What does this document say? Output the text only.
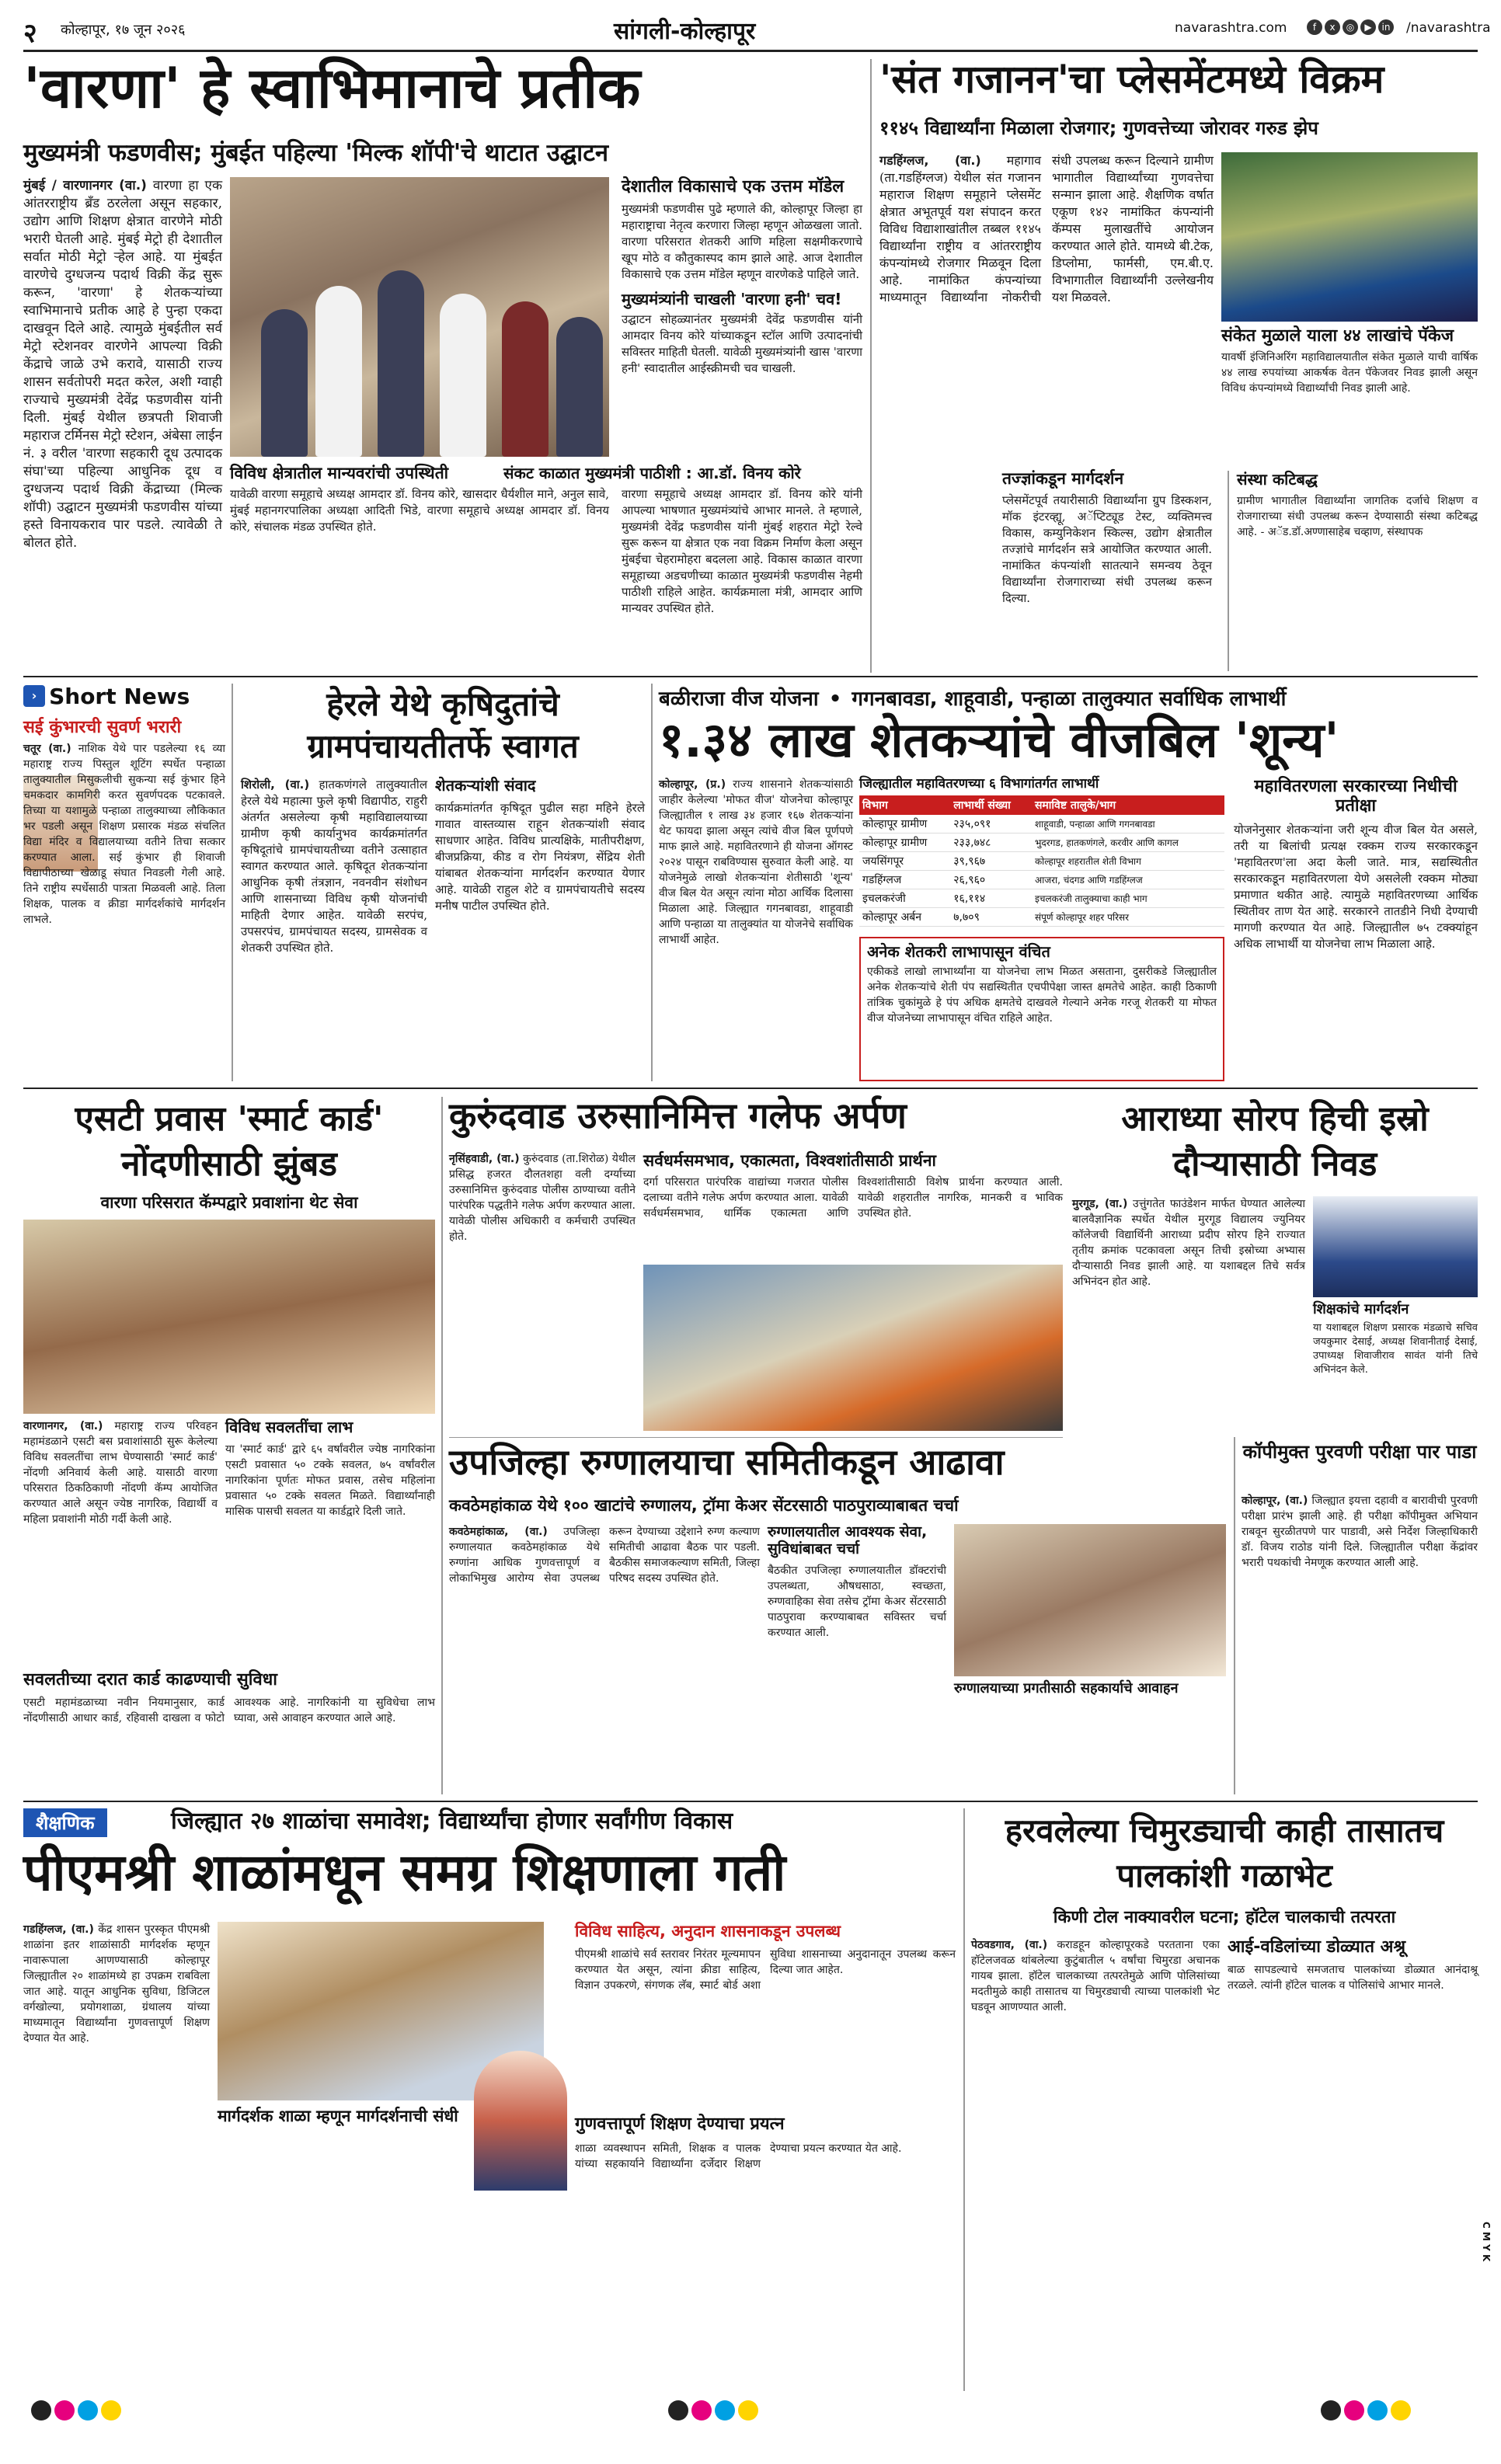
२ कोल्हापूर, १७ जून २०२६	सांगली-कोल्हापूर	navarashtra.com	f x ◎ ▶ in	/navarashtra
'वारणा' हे स्वाभिमानाचे प्रतीक
मुख्यमंत्री फडणवीस; मुंबईत पहिल्या 'मिल्क शॉपी'चे थाटात उद्घाटन
मुंबई / वारणानगर (वा.) वारणा हा एक आंतरराष्ट्रीय ब्रँड ठरलेला असून सहकार, उद्योग आणि शिक्षण क्षेत्रात वारणेने मोठी भरारी घेतली आहे. मुंबई मेट्रो ही देशातील सर्वात मोठी मेट्रो ऱ्हेल आहे. या मुंबईत वारणेचे दुग्धजन्य पदार्थ विक्री केंद्र सुरू करून, 'वारणा' हे शेतकऱ्यांच्या स्वाभिमानाचे प्रतीक आहे हे पुन्हा एकदा दाखवून दिले आहे. त्यामुळे मुंबईतील सर्व मेट्रो स्टेशनवर वारणेने आपल्या विक्री केंद्राचे जाळे उभे करावे, यासाठी राज्य शासन सर्वतोपरी मदत करेल, अशी ग्वाही राज्याचे मुख्यमंत्री देवेंद्र फडणवीस यांनी दिली. मुंबई येथील छत्रपती शिवाजी महाराज टर्मिनस मेट्रो स्टेशन, अंबेसा लाईन नं. ३ वरील 'वारणा सहकारी दूध उत्पादक संघा'च्या पहिल्या आधुनिक दूध व दुग्धजन्य पदार्थ विक्री केंद्राच्या (मिल्क शॉपी) उद्घाटन मुख्यमंत्री फडणवीस यांच्या हस्ते विनायकराव पार पडले. त्यावेळी ते बोलत होते.
विविध क्षेत्रातील मान्यवरांची उपस्थिती
यावेळी वारणा समूहाचे अध्यक्ष आमदार डॉ. विनय कोरे, खासदार धैर्यशील माने, अनुल सावे, मुंबई महानगरपालिका अध्यक्षा आदिती भिडे, वारणा समूहाचे अध्यक्ष आमदार डॉ. विनय कोरे, संचालक मंडळ उपस्थित होते.
देशातील विकासाचे एक उत्तम मॉडेल
मुख्यमंत्री फडणवीस पुढे म्हणाले की, कोल्हापूर जिल्हा हा महाराष्ट्राचा नेतृत्व करणारा जिल्हा म्हणून ओळखला जातो. वारणा परिसरात शेतकरी आणि महिला सक्षमीकरणाचे खूप मोठे व कौतुकास्पद काम झाले आहे. आज देशातील विकासाचे एक उत्तम मॉडेल म्हणून वारणेकडे पाहिले जाते.
मुख्यमंत्र्यांनी चाखली 'वारणा हनी' चव!
उद्घाटन सोहळ्यानंतर मुख्यमंत्री देवेंद्र फडणवीस यांनी आमदार विनय कोरे यांच्याकडून स्टॉल आणि उत्पादनांची सविस्तर माहिती घेतली. यावेळी मुख्यमंत्र्यांनी खास 'वारणा हनी' स्वादातील आईस्क्रीमची चव चाखली.
संकट काळात मुख्यमंत्री पाठीशी : आ.डॉ. विनय कोरे
वारणा समूहाचे अध्यक्ष आमदार डॉ. विनय कोरे यांनी आपल्या भाषणात मुख्यमंत्र्यांचे आभार मानले. ते म्हणाले, मुख्यमंत्री देवेंद्र फडणवीस यांनी मुंबई शहरात मेट्रो रेल्वे सुरू करून या क्षेत्रात एक नवा विक्रम निर्माण केला असून मुंबईचा चेहरामोहरा बदलला आहे. विकास काळात वारणा समूहाच्या अडचणीच्या काळात मुख्यमंत्री फडणवीस नेहमी पाठीशी राहिले आहेत. कार्यक्रमाला मंत्री, आमदार आणि मान्यवर उपस्थित होते.
'संत गजानन'चा प्लेसमेंटमध्ये विक्रम
११४५ विद्यार्थ्यांना मिळाला रोजगार; गुणवत्तेच्या जोरावर गरुड झेप
गडहिंग्लज, (वा.) महागाव (ता.गडहिंग्लज) येथील संत गजानन महाराज शिक्षण समूहाने प्लेसमेंट क्षेत्रात अभूतपूर्व यश संपादन करत विविध विद्याशाखांतील तब्बल ११४५ विद्यार्थ्यांना राष्ट्रीय व आंतरराष्ट्रीय कंपन्यांमध्ये रोजगार मिळवून दिला आहे. नामांकित कंपन्यांच्या माध्यमातून विद्यार्थ्यांना नोकरीची संधी उपलब्ध करून दिल्याने ग्रामीण भागातील विद्यार्थ्यांच्या गुणवत्तेचा सन्मान झाला आहे. शैक्षणिक वर्षात एकूण १४२ नामांकित कंपन्यांनी कॅम्पस मुलाखतींचे आयोजन करण्यात आले होते. यामध्ये बी.टेक, डिप्लोमा, फार्मसी, एम.बी.ए. विभागातील विद्यार्थ्यांनी उल्लेखनीय यश मिळवले.
संकेत मुळाले याला ४४ लाखांचे पॅकेज
यावर्षी इंजिनिअरिंग महाविद्यालयातील संकेत मुळाले याची वार्षिक ४४ लाख रुपयांच्या आकर्षक वेतन पॅकेजवर निवड झाली असून विविध कंपन्यांमध्ये विद्यार्थ्यांची निवड झाली आहे.
तज्ज्ञांकडून मार्गदर्शन
प्लेसमेंटपूर्व तयारीसाठी विद्यार्थ्यांना ग्रुप डिस्कशन, मॉक इंटरव्ह्यू, अॅप्टिट्यूड टेस्ट, व्यक्तिमत्त्व विकास, कम्युनिकेशन स्किल्स, उद्योग क्षेत्रातील तज्ज्ञांचे मार्गदर्शन सत्रे आयोजित करण्यात आली. नामांकित कंपन्यांशी सातत्याने समन्वय ठेवून विद्यार्थ्यांना रोजगाराच्या संधी उपलब्ध करून दिल्या.
संस्था कटिबद्ध
ग्रामीण भागातील विद्यार्थ्यांना जागतिक दर्जाचे शिक्षण व रोजगाराच्या संधी उपलब्ध करून देण्यासाठी संस्था कटिबद्ध आहे. - अॅड.डॉ.अण्णासाहेब चव्हाण, संस्थापक
› Short News
सई कुंभारची सुवर्ण भरारी
चतूर (वा.) नाशिक येथे पार पडलेल्या १६ व्या महाराष्ट्र राज्य पिस्तुल शूटिंग स्पर्धेत पन्हाळा तालुक्यातील मिसुकलीची सुकन्या सई कुंभार हिने चमकदार कामगिरी करत सुवर्णपदक पटकावले. तिच्या या यशामुळे पन्हाळा तालुक्याच्या लौकिकात भर पडली असून शिक्षण प्रसारक मंडळ संचलित विद्या मंदिर व विद्यालयाच्या वतीने तिचा सत्कार करण्यात आला. सई कुंभार ही शिवाजी विद्यापीठाच्या खेळाडू संघात निवडली गेली आहे. तिने राष्ट्रीय स्पर्धेसाठी पात्रता मिळवली आहे. तिला शिक्षक, पालक व क्रीडा मार्गदर्शकांचे मार्गदर्शन लाभले.
हेरले येथे कृषिदुतांचे ग्रामपंचायतीतर्फे स्वागत
शिरोली, (वा.) हातकणंगले तालुक्यातील हेरले येथे महात्मा फुले कृषी विद्यापीठ, राहुरी अंतर्गत असलेल्या कृषी महाविद्यालयाच्या ग्रामीण कृषी कार्यानुभव कार्यक्रमांतर्गत कृषिदूतांचे ग्रामपंचायतीच्या वतीने उत्साहात स्वागत करण्यात आले. कृषिदूत शेतकऱ्यांना आधुनिक कृषी तंत्रज्ञान, नवनवीन संशोधन आणि शासनाच्या विविध कृषी योजनांची माहिती देणार आहेत. यावेळी सरपंच, उपसरपंच, ग्रामपंचायत सदस्य, ग्रामसेवक व शेतकरी उपस्थित होते.
शेतकऱ्यांशी संवाद
कार्यक्रमांतर्गत कृषिदूत पुढील सहा महिने हेरले गावात वास्तव्यास राहून शेतकऱ्यांशी संवाद साधणार आहेत. विविध प्रात्यक्षिके, मातीपरीक्षण, बीजप्रक्रिया, कीड व रोग नियंत्रण, सेंद्रिय शेती यांबाबत शेतकऱ्यांना मार्गदर्शन करण्यात येणार आहे. यावेळी राहुल शेटे व ग्रामपंचायतीचे सदस्य मनीष पाटील उपस्थित होते.
बळीराजा वीज योजना • गगनबावडा, शाहूवाडी, पन्हाळा तालुक्यात सर्वाधिक लाभार्थी
१.३४ लाख शेतकऱ्यांचे वीजबिल 'शून्य'
कोल्हापूर, (प्र.) राज्य शासनाने शेतकऱ्यांसाठी जाहीर केलेल्या 'मोफत वीज' योजनेचा कोल्हापूर जिल्ह्यातील १ लाख ३४ हजार १६७ शेतकऱ्यांना थेट फायदा झाला असून त्यांचे वीज बिल पूर्णपणे माफ झाले आहे. महावितरणाने ही योजना ऑगस्ट २०२४ पासून राबविण्यास सुरुवात केली आहे. या योजनेमुळे लाखो शेतकऱ्यांना शेतीसाठी 'शून्य' वीज बिल येत असून त्यांना मोठा आर्थिक दिलासा मिळाला आहे. जिल्ह्यात गगनबावडा, शाहूवाडी आणि पन्हाळा या तालुक्यांत या योजनेचे सर्वाधिक लाभार्थी आहेत.
जिल्ह्यातील महावितरणच्या ६ विभागांतर्गत लाभार्थी
विभाग	लाभार्थी संख्या	समाविष्ट तालुके/भाग
कोल्हापूर ग्रामीण	२३५,०९१	शाहूवाडी, पन्हाळा आणि गगनबावडा
कोल्हापूर ग्रामीण	२३३,७४८	भुदरगड, हातकणंगले, करवीर आणि कागल
जयसिंगपूर	३९,९६७	कोल्हापूर शहरातील शेती विभाग
गडहिंग्लज	२६,९६०	आजरा, चंदगड आणि गडहिंग्लज
इचलकरंजी	१६,११४	इचलकरंजी तालुक्याचा काही भाग
कोल्हापूर अर्बन	७,७०९	संपूर्ण कोल्हापूर शहर परिसर
अनेक शेतकरी लाभापासून वंचित
एकीकडे लाखो लाभार्थ्यांना या योजनेचा लाभ मिळत असताना, दुसरीकडे जिल्ह्यातील अनेक शेतकऱ्यांचे शेती पंप सद्यस्थितीत एचपीपेक्षा जास्त क्षमतेचे आहेत. काही ठिकाणी तांत्रिक चुकांमुळे हे पंप अधिक क्षमतेचे दाखवले गेल्याने अनेक गरजू शेतकरी या मोफत वीज योजनेच्या लाभापासून वंचित राहिले आहेत.
महावितरणला सरकारच्या निधीची प्रतीक्षा
योजनेनुसार शेतकऱ्यांना जरी शून्य वीज बिल येत असले, तरी या बिलांची प्रत्यक्ष रक्कम राज्य सरकारकडून 'महावितरण'ला अदा केली जाते. मात्र, सद्यस्थितीत सरकारकडून महावितरणला येणे असलेली रक्कम मोठ्या प्रमाणात थकीत आहे. त्यामुळे महावितरणच्या आर्थिक स्थितीवर ताण येत आहे. सरकारने तातडीने निधी देण्याची मागणी करण्यात येत आहे. जिल्ह्यातील ७५ टक्क्यांहून अधिक लाभार्थी या योजनेचा लाभ मिळाला आहे.
एसटी प्रवास 'स्मार्ट कार्ड' नोंदणीसाठी झुंबड
वारणा परिसरात कॅम्पद्वारे प्रवाशांना थेट सेवा
वारणानगर, (वा.) महाराष्ट्र राज्य परिवहन महामंडळाने एसटी बस प्रवाशांसाठी सुरू केलेल्या विविध सवलतींचा लाभ घेण्यासाठी 'स्मार्ट कार्ड' नोंदणी अनिवार्य केली आहे. यासाठी वारणा परिसरात ठिकठिकाणी नोंदणी कॅम्प आयोजित करण्यात आले असून ज्येष्ठ नागरिक, विद्यार्थी व महिला प्रवाशांनी मोठी गर्दी केली आहे.
विविध सवलतींचा लाभ
या 'स्मार्ट कार्ड' द्वारे ६५ वर्षांवरील ज्येष्ठ नागरिकांना एसटी प्रवासात ५० टक्के सवलत, ७५ वर्षांवरील नागरिकांना पूर्णतः मोफत प्रवास, तसेच महिलांना प्रवासात ५० टक्के सवलत मिळते. विद्यार्थ्यांनाही मासिक पासची सवलत या कार्डद्वारे दिली जाते.
सवलतीच्या दरात कार्ड काढण्याची सुविधा
एसटी महामंडळाच्या नवीन नियमानुसार, कार्ड नोंदणीसाठी आधार कार्ड, रहिवासी दाखला व फोटो आवश्यक आहे. नागरिकांनी या सुविधेचा लाभ घ्यावा, असे आवाहन करण्यात आले आहे.
कुरुंदवाड उरुसानिमित्त गलेफ अर्पण
नृसिंहवाडी, (वा.) कुरुंदवाड (ता.शिरोळ) येथील प्रसिद्ध हजरत दौलतशहा वली दर्ग्याच्या उरुसानिमित्त कुरुंदवाड पोलीस ठाण्याच्या वतीने पारंपरिक पद्धतीने गलेफ अर्पण करण्यात आला. यावेळी पोलीस अधिकारी व कर्मचारी उपस्थित होते.
सर्वधर्मसमभाव, एकात्मता, विश्वशांतीसाठी प्रार्थना
दर्गा परिसरात पारंपरिक वाद्यांच्या गजरात पोलीस दलाच्या वतीने गलेफ अर्पण करण्यात आला. यावेळी सर्वधर्मसमभाव, धार्मिक एकात्मता आणि विश्वशांतीसाठी विशेष प्रार्थना करण्यात आली. यावेळी शहरातील नागरिक, मानकरी व भाविक उपस्थित होते.
आराध्या सोरप हिची इस्रो दौऱ्यासाठी निवड
मुरगूड, (वा.) उत्तुंगतेत फाउंडेशन मार्फत घेण्यात आलेल्या बालवैज्ञानिक स्पर्धेत येथील मुरगूड विद्यालय ज्युनियर कॉलेजची विद्यार्थिनी आराध्या प्रदीप सोरप हिने राज्यात तृतीय क्रमांक पटकावला असून तिची इस्रोच्या अभ्यास दौऱ्यासाठी निवड झाली आहे. या यशाबद्दल तिचे सर्वत्र अभिनंदन होत आहे.
शिक्षकांचे मार्गदर्शन
या यशाबद्दल शिक्षण प्रसारक मंडळाचे सचिव जयकुमार देसाई, अध्यक्ष शिवानीताई देसाई, उपाध्यक्ष शिवाजीराव सावंत यांनी तिचे अभिनंदन केले.
उपजिल्हा रुग्णालयाचा समितीकडून आढावा
कवठेमहांकाळ येथे १०० खाटांचे रुग्णालय, ट्रॉमा केअर सेंटरसाठी पाठपुराव्याबाबत चर्चा
कवठेमहांकाळ, (वा.) उपजिल्हा रुग्णालयात कवठेमहांकाळ येथे रुग्णांना आधिक गुणवत्तापूर्ण व लोकाभिमुख आरोग्य सेवा उपलब्ध करून देण्याच्या उद्देशाने रुग्ण कल्याण समितीची आढावा बैठक पार पडली. बैठकीस समाजकल्याण समिती, जिल्हा परिषद सदस्य उपस्थित होते.
रुग्णालयातील आवश्यक सेवा, सुविधांबाबत चर्चा
बैठकीत उपजिल्हा रुग्णालयातील डॉक्टरांची उपलब्धता, औषधसाठा, स्वच्छता, रुग्णवाहिका सेवा तसेच ट्रॉमा केअर सेंटरसाठी पाठपुरावा करण्याबाबत सविस्तर चर्चा करण्यात आली.
रुग्णालयाच्या प्रगतीसाठी सहकार्याचे आवाहन
कॉपीमुक्त पुरवणी परीक्षा पार पाडा
कोल्हापूर, (वा.) जिल्ह्यात इयत्ता दहावी व बारावीची पुरवणी परीक्षा प्रारंभ झाली आहे. ही परीक्षा कॉपीमुक्त अभियान राबवून सुरळीतपणे पार पाडावी, असे निर्देश जिल्हाधिकारी डॉ. विजय राठोड यांनी दिले. जिल्ह्यातील परीक्षा केंद्रांवर भरारी पथकांची नेमणूक करण्यात आली आहे.
शैक्षणिक	जिल्ह्यात २७ शाळांचा समावेश; विद्यार्थ्यांचा होणार सर्वांगीण विकास
पीएमश्री शाळांमधून समग्र शिक्षणाला गती
गडहिंग्लज, (वा.) केंद्र शासन पुरस्कृत पीएमश्री शाळांना इतर शाळांसाठी मार्गदर्शक म्हणून नावारूपाला आणण्यासाठी कोल्हापूर जिल्ह्यातील २० शाळांमध्ये हा उपक्रम राबविला जात आहे. यातून आधुनिक सुविधा, डिजिटल वर्गखोल्या, प्रयोगशाळा, ग्रंथालय यांच्या माध्यमातून विद्यार्थ्यांना गुणवत्तापूर्ण शिक्षण देण्यात येत आहे.
मार्गदर्शक शाळा म्हणून मार्गदर्शनाची संधी
विविध साहित्य, अनुदान शासनाकडून उपलब्ध
पीएमश्री शाळांचे सर्व स्तरावर निरंतर मूल्यमापन करण्यात येत असून, त्यांना क्रीडा साहित्य, विज्ञान उपकरणे, संगणक लॅब, स्मार्ट बोर्ड अशा सुविधा शासनाच्या अनुदानातून उपलब्ध करून दिल्या जात आहेत.
गुणवत्तापूर्ण शिक्षण देण्याचा प्रयत्न
शाळा व्यवस्थापन समिती, शिक्षक व पालक यांच्या सहकार्याने विद्यार्थ्यांना दर्जेदार शिक्षण देण्याचा प्रयत्न करण्यात येत आहे.
हरवलेल्या चिमुरड्याची काही तासातच पालकांशी गळाभेट
किणी टोल नाक्यावरील घटना; हॉटेल चालकाची तत्परता
पेठवडगाव, (वा.) कराडहून कोल्हापूरकडे परतताना एका हॉटेलजवळ थांबलेल्या कुटुंबातील ५ वर्षांचा चिमुरडा अचानक गायब झाला. हॉटेल चालकाच्या तत्परतेमुळे आणि पोलिसांच्या मदतीमुळे काही तासातच या चिमुरड्याची त्याच्या पालकांशी भेट घडवून आणण्यात आली.
आई-वडिलांच्या डोळ्यात अश्रू
बाळ सापडल्याचे समजताच पालकांच्या डोळ्यात आनंदाश्रू तरळले. त्यांनी हॉटेल चालक व पोलिसांचे आभार मानले.
C M Y K
